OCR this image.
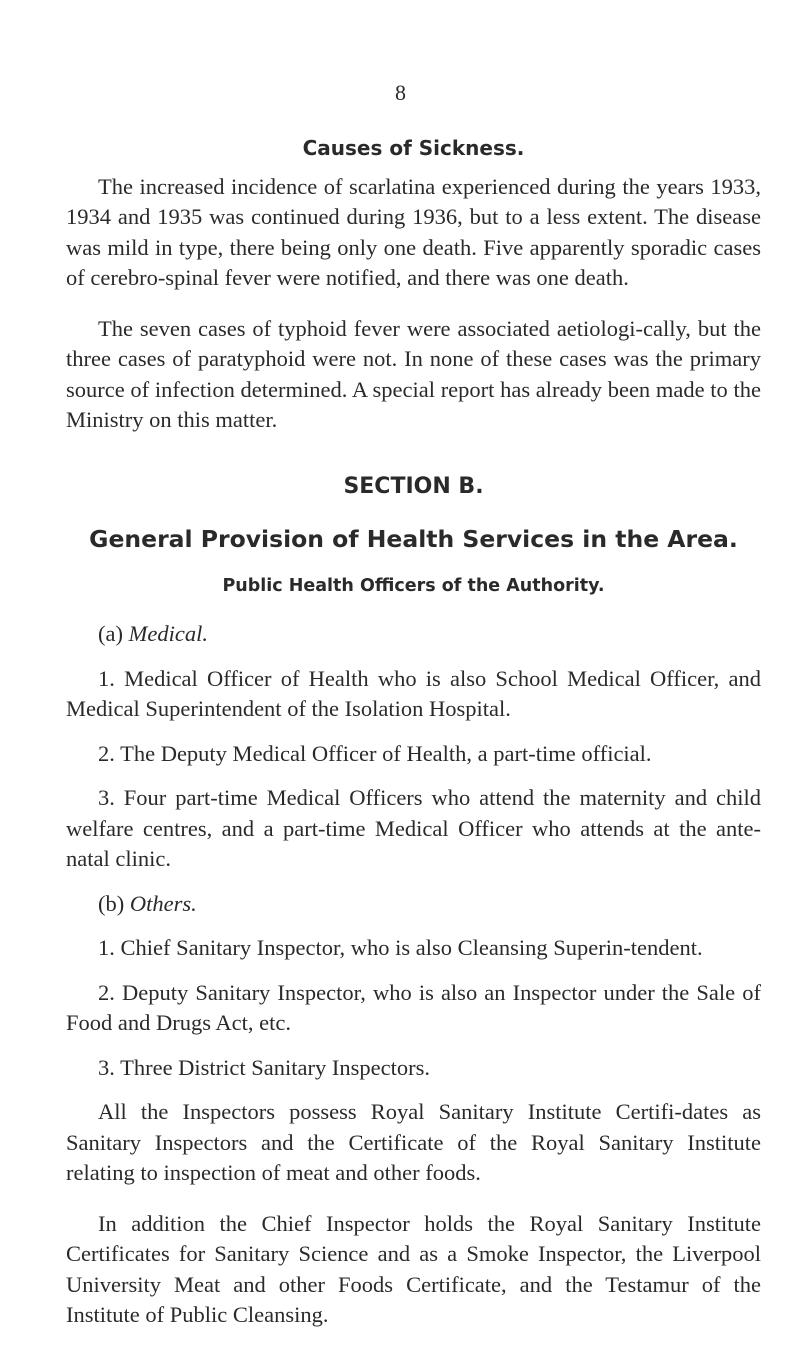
8
Causes of Sickness.

The increased incidence of scarlatina experienced during the years 1933, 1934 and 1935 was continued during 1936, but to a less extent. The disease was mild in type, there being only one death. Five apparently sporadic cases of cerebro-spinal fever were notified, and there was one death.

The seven cases of typhoid fever were associated aetiologi-cally, but the three cases of paratyphoid were not. In none of these cases was the primary source of infection determined. A special report has already been made to the Ministry on this matter.

SECTION B.
General Provision of Health Services in the Area.
Public Health Officers of the Authority.

(a) Medical.

1. Medical Officer of Health who is also School Medical Officer, and Medical Superintendent of the Isolation Hospital.

2. The Deputy Medical Officer of Health, a part-time official.

3. Four part-time Medical Officers who attend the maternity and child welfare centres, and a part-time Medical Officer who attends at the ante-natal clinic.

(b) Others.

1. Chief Sanitary Inspector, who is also Cleansing Superin-tendent.

2. Deputy Sanitary Inspector, who is also an Inspector under the Sale of Food and Drugs Act, etc.

3. Three District Sanitary Inspectors.

All the Inspectors possess Royal Sanitary Institute Certifi-dates as Sanitary Inspectors and the Certificate of the Royal Sanitary Institute relating to inspection of meat and other foods.

In addition the Chief Inspector holds the Royal Sanitary Institute Certificates for Sanitary Science and as a Smoke Inspector, the Liverpool University Meat and other Foods Certificate, and the Testamur of the Institute of Public Cleansing.
